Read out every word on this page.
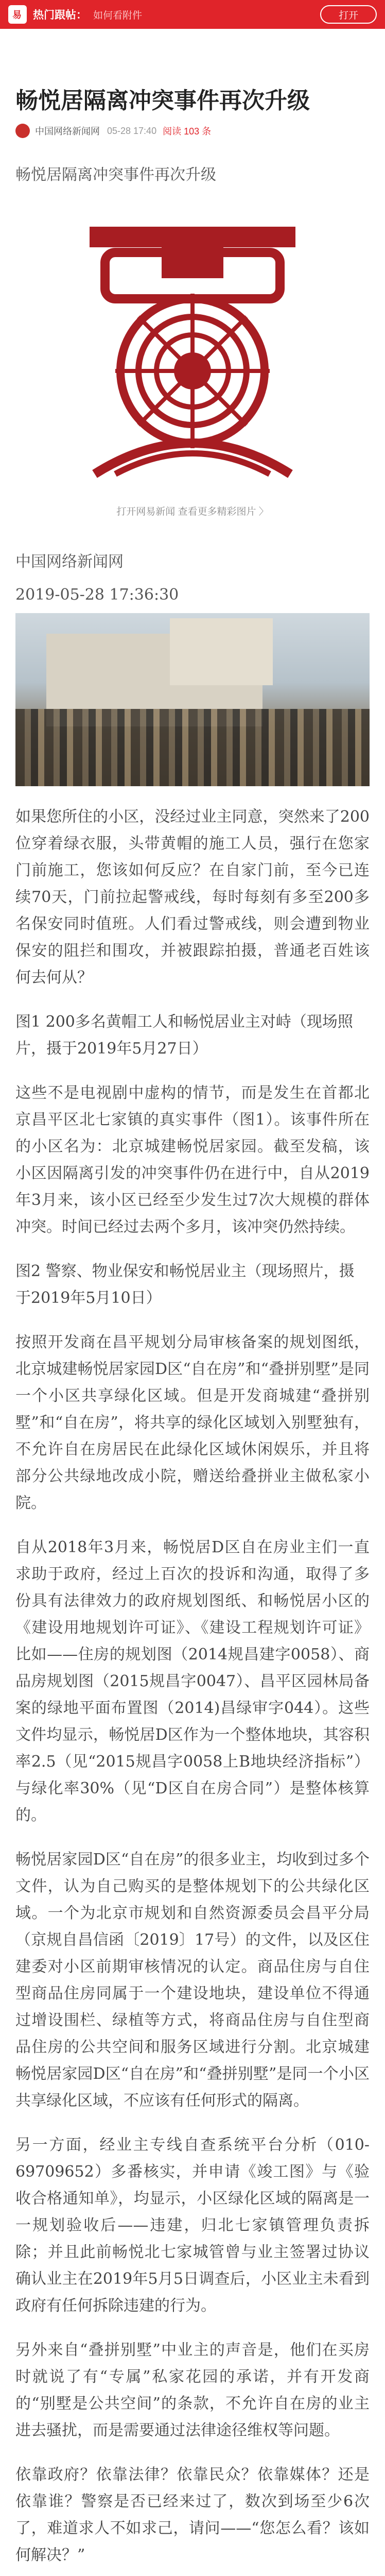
易 热门跟帖： 如何看附件	打开
畅悦居隔离冲突事件再次升级
中国网络新闻网 05-28 17:40 阅读 103 条
畅悦居隔离冲突事件再次升级
打开网易新闻 查看更多精彩图片 〉
中国网络新闻网
2019-05-28 17:36:30

如果您所住的小区，没经过业主同意，突然来了200位穿着绿衣服，头带黄帽的施工人员，强行在您家门前施工，您该如何反应？在自家门前，至今已连续70天，门前拉起警戒线，每时每刻有多至200多名保安同时值班。人们看过警戒线，则会遭到物业保安的阻拦和围攻，并被跟踪拍摄，普通老百姓该何去何从？

图1 200多名黄帽工人和畅悦居业主对峙（现场照片，摄于2019年5月27日）

这些不是电视剧中虚构的情节，而是发生在首都北京昌平区北七家镇的真实事件（图1）。该事件所在的小区名为：北京城建畅悦居家园。截至发稿，该小区因隔离引发的冲突事件仍在进行中，自从2019年3月来，该小区已经至少发生过7次大规模的群体冲突。时间已经过去两个多月，该冲突仍然持续。

图2 警察、物业保安和畅悦居业主（现场照片，摄于2019年5月10日）

按照开发商在昌平规划分局审核备案的规划图纸，北京城建畅悦居家园D区“自在房”和“叠拼别墅”是同一个小区共享绿化区域。但是开发商城建“叠拼别墅”和“自在房”，将共享的绿化区域划入别墅独有，不允许自在房居民在此绿化区域休闲娱乐，并且将部分公共绿地改成小院，赠送给叠拼业主做私家小院。

自从2018年3月来，畅悦居D区自在房业主们一直求助于政府，经过上百次的投诉和沟通，取得了多份具有法律效力的政府规划图纸、和畅悦居小区的《建设用地规划许可证》、《建设工程规划许可证》比如——住房的规划图（2014规昌建字0058）、商品房规划图（2015规昌字0047）、昌平区园林局备案的绿地平面布置图（2014)昌绿审字044）。这些文件均显示，畅悦居D区作为一个整体地块，其容积率2.5（见“2015规昌字0058上B地块经济指标”）与绿化率30%（见“D区自在房合同”）是整体核算的。

畅悦居家园D区“自在房”的很多业主，均收到过多个文件，认为自己购买的是整体规划下的公共绿化区域。一个为北京市规划和自然资源委员会昌平分局（京规自昌信函〔2019〕17号）的文件，以及区住建委对小区前期审核情况的认定。商品住房与自住型商品住房同属于一个建设地块，建设单位不得通过增设围栏、绿植等方式，将商品住房与自住型商品住房的公共空间和服务区域进行分割。北京城建畅悦居家园D区“自在房”和“叠拼别墅”是同一个小区共享绿化区域，不应该有任何形式的隔离。

另一方面，经业主专线自查系统平台分析（010-69709652）多番核实，并申请《竣工图》与《验收合格通知单》，均显示，小区绿化区域的隔离是一一规划验收后——违建，归北七家镇管理负责拆除；并且此前畅悦北七家城管曾与业主签署过协议确认业主在2019年5月5日调查后，小区业主未看到政府有任何拆除违建的行为。

另外来自“叠拼别墅”中业主的声音是，他们在买房时就说了有“专属”私家花园的承诺，并有开发商的“别墅是公共空间”的条款，不允许自在房的业主进去骚扰，而是需要通过法律途径维权等问题。

依靠政府？依靠法律？依靠民众？依靠媒体？还是依靠谁？警察是否已经来过了，数次到场至少6次了，难道求人不如求己，请问——“您怎么看？该如何解决？”
